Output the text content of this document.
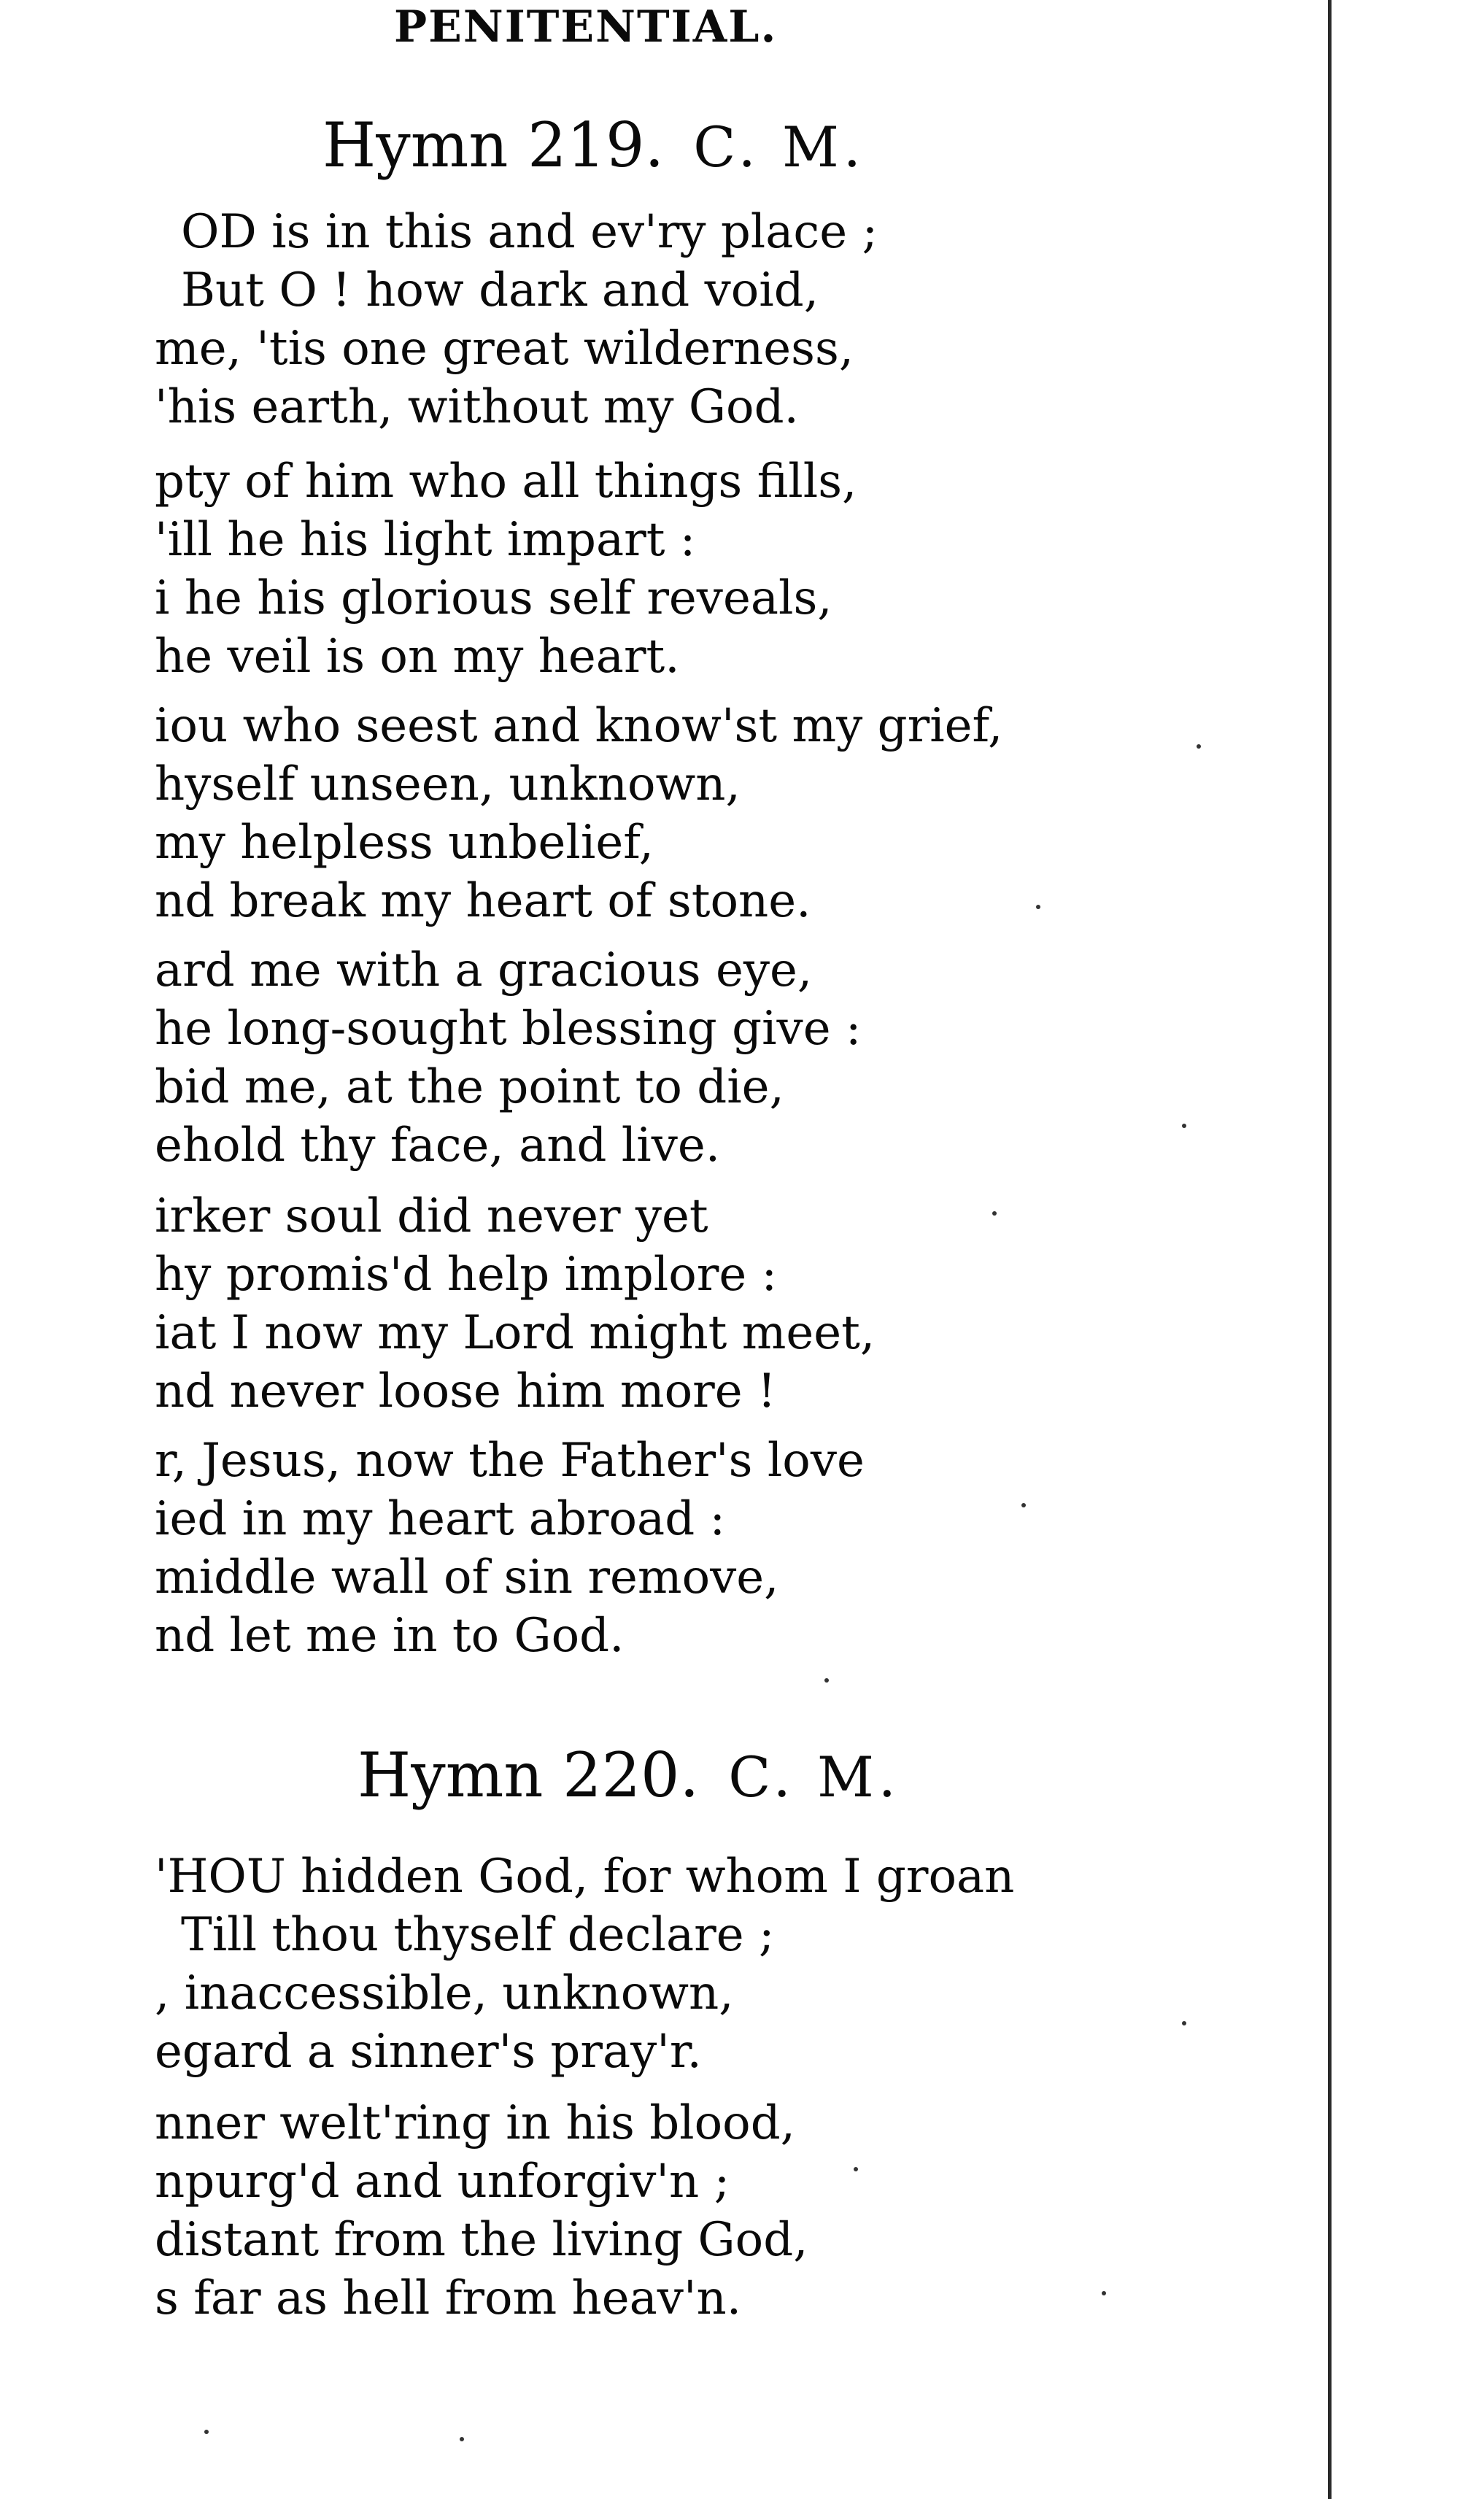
PENITENTIAL.
Hymn 219. C. M.
OD is in this and ev'ry place ;
But O ! how dark and void,
me, 'tis one great wilderness,
'his earth, without my God.
pty of him who all things fills,
'ill he his light impart :
i he his glorious self reveals,
he veil is on my heart.
iou who seest and know'st my grief,
hyself unseen, unknown,
my helpless unbelief,
nd break my heart of stone.
ard me with a gracious eye,
he long-sought blessing give :
bid me, at the point to die,
ehold thy face, and live.
irker soul did never yet
hy promis'd help implore :
iat I now my Lord might meet,
nd never loose him more !
r, Jesus, now the Father's love
ied in my heart abroad :
middle wall of sin remove,
nd let me in to God.
Hymn 220. C. M.
'HOU hidden God, for whom I groan
Till thou thyself declare ;
, inaccessible, unknown,
egard a sinner's pray'r.
nner welt'ring in his blood,
npurg'd and unforgiv'n ;
distant from the living God,
s far as hell from heav'n.
